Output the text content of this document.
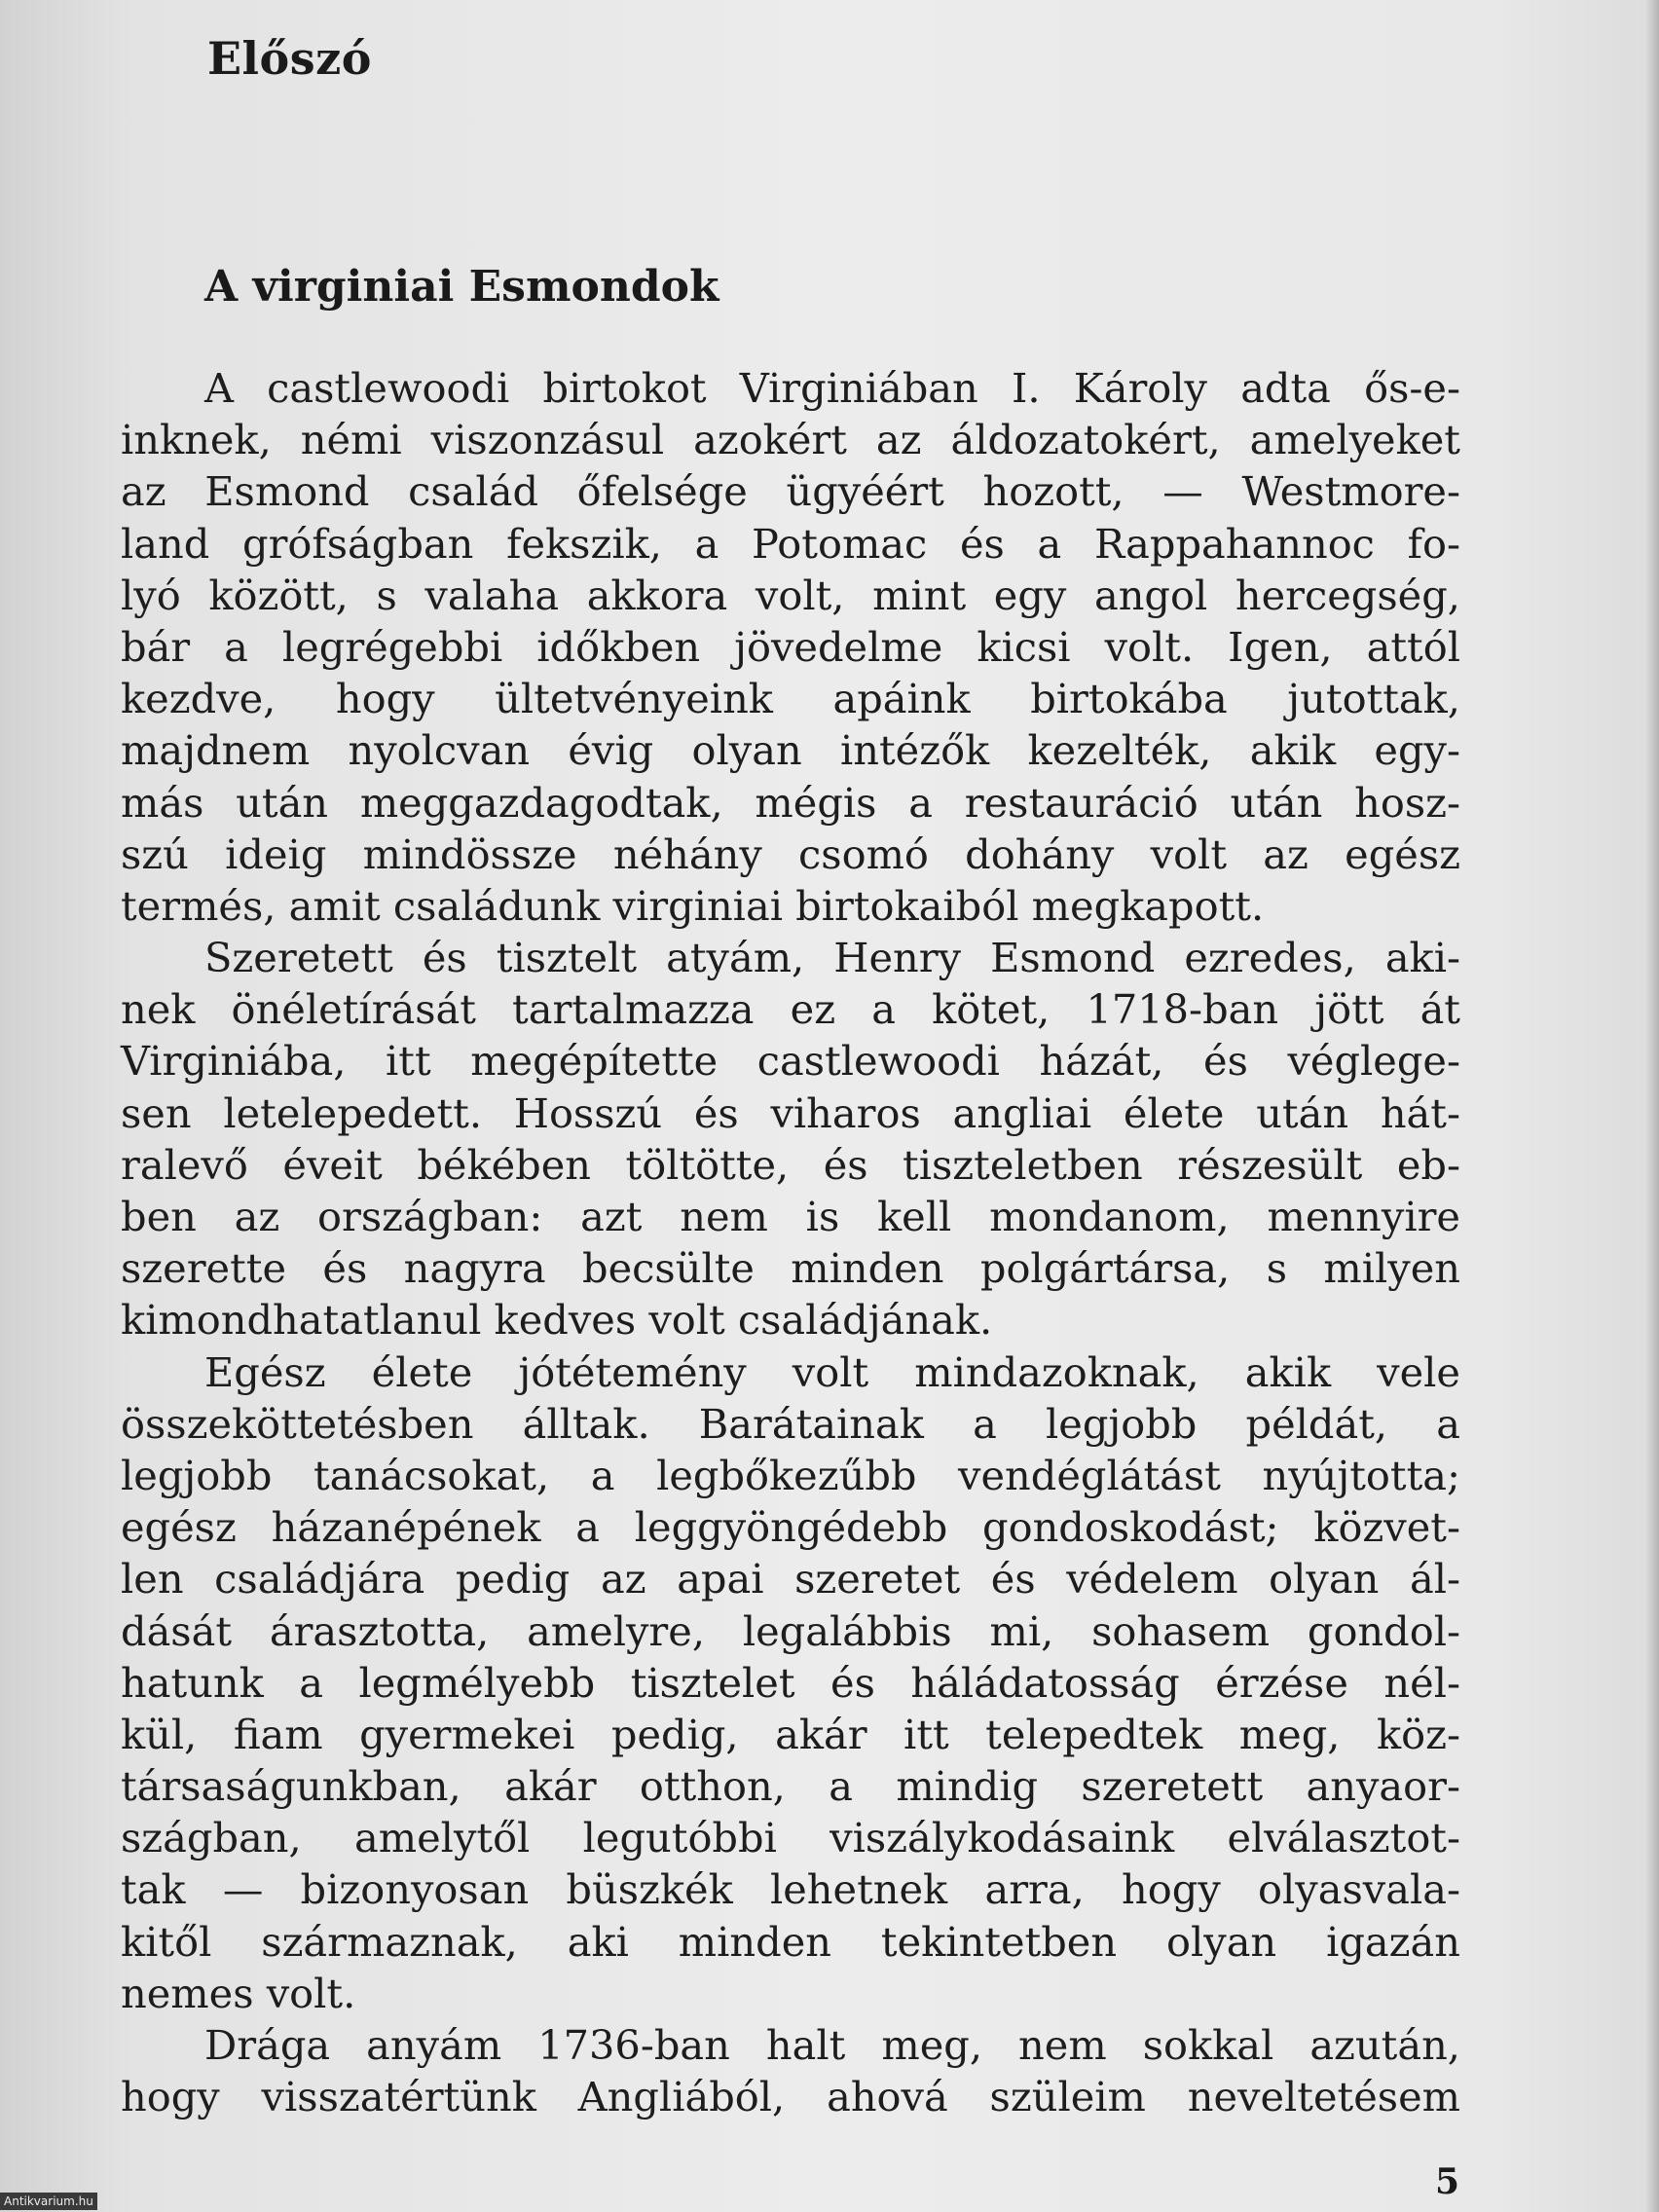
Előszó
A virginiai Esmondok
A castlewoodi birtokot Virginiában I. Károly adta ős-e-
inknek, némi viszonzásul azokért az áldozatokért, amelyeket
az Esmond család őfelsége ügyéért hozott, — Westmore-
land grófságban fekszik, a Potomac és a Rappahannoc fo-
lyó között, s valaha akkora volt, mint egy angol hercegség,
bár a legrégebbi időkben jövedelme kicsi volt. Igen, attól
kezdve, hogy ültetvényeink apáink birtokába jutottak,
majdnem nyolcvan évig olyan intézők kezelték, akik egy-
más után meggazdagodtak, mégis a restauráció után hosz-
szú ideig mindössze néhány csomó dohány volt az egész
termés, amit családunk virginiai birtokaiból megkapott.
Szeretett és tisztelt atyám, Henry Esmond ezredes, aki-
nek önéletírását tartalmazza ez a kötet, 1718-ban jött át
Virginiába, itt megépítette castlewoodi házát, és véglege-
sen letelepedett. Hosszú és viharos angliai élete után hát-
ralevő éveit békében töltötte, és tiszteletben részesült eb-
ben az országban: azt nem is kell mondanom, mennyire
szerette és nagyra becsülte minden polgártársa, s milyen
kimondhatatlanul kedves volt családjának.
Egész élete jótétemény volt mindazoknak, akik vele
összeköttetésben álltak. Barátainak a legjobb példát, a
legjobb tanácsokat, a legbőkezűbb vendéglátást nyújtotta;
egész házanépének a leggyöngédebb gondoskodást; közvet-
len családjára pedig az apai szeretet és védelem olyan ál-
dását árasztotta, amelyre, legalábbis mi, sohasem gondol-
hatunk a legmélyebb tisztelet és háládatosság érzése nél-
kül, fiam gyermekei pedig, akár itt telepedtek meg, köz-
társaságunkban, akár otthon, a mindig szeretett anyaor-
szágban, amelytől legutóbbi viszálykodásaink elválasztot-
tak — bizonyosan büszkék lehetnek arra, hogy olyasvala-
kitől származnak, aki minden tekintetben olyan igazán
nemes volt.
Drága anyám 1736-ban halt meg, nem sokkal azután,
hogy visszatértünk Angliából, ahová szüleim neveltetésem
5
Antikvarium.hu
